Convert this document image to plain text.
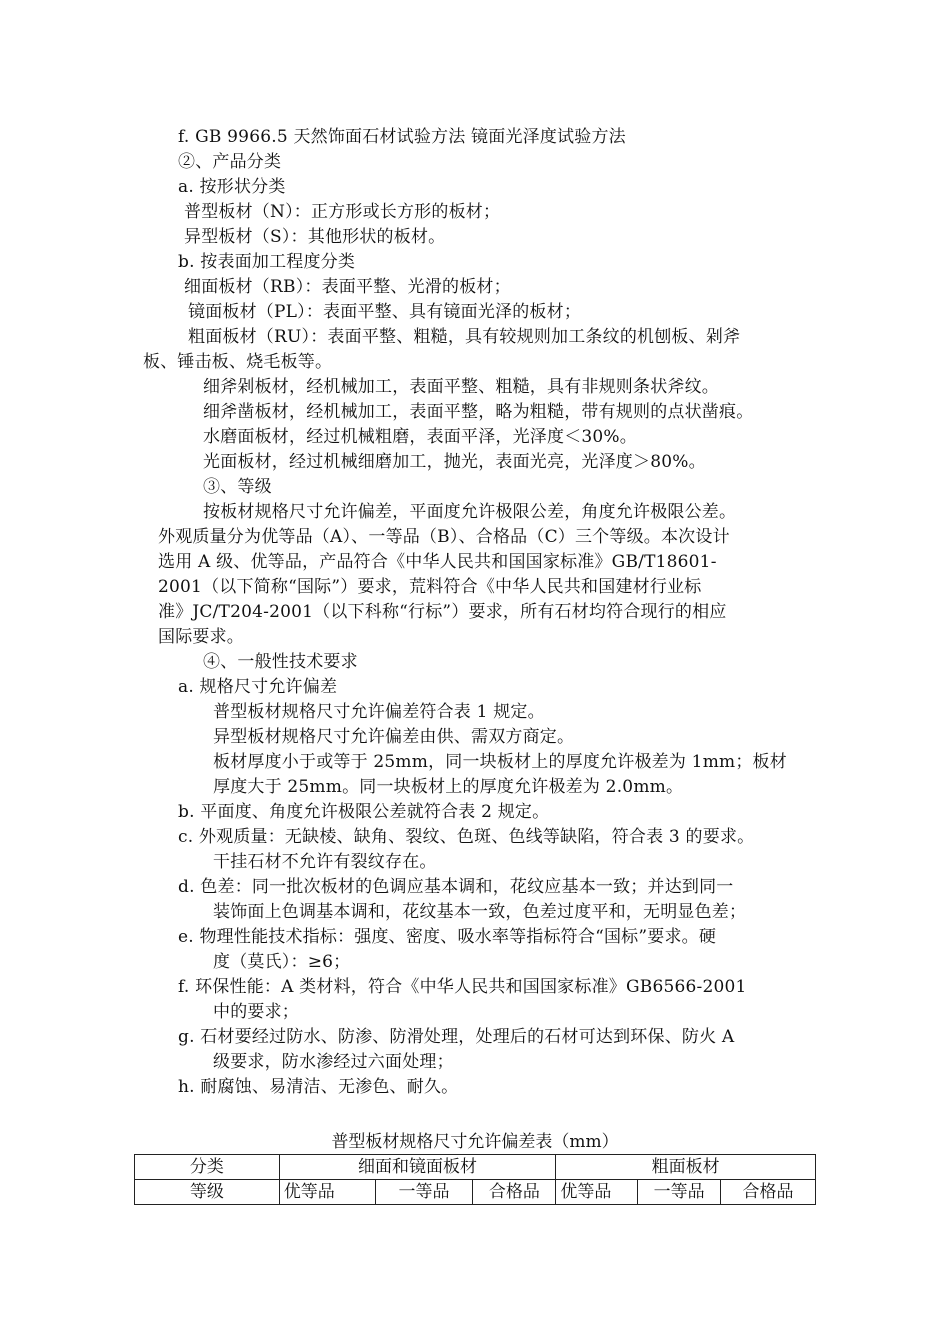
f. GB 9966.5 天然饰面石材试验方法 镜面光泽度试验方法
②、产品分类
a. 按形状分类
普型板材（N）：正方形或长方形的板材；
异型板材（S）：其他形状的板材。
b. 按表面加工程度分类
细面板材（RB）：表面平整、光滑的板材；
镜面板材（PL）：表面平整、具有镜面光泽的板材；
粗面板材（RU）：表面平整、粗糙，具有较规则加工条纹的机刨板、剁斧
板、锤击板、烧毛板等。
细斧剁板材，经机械加工，表面平整、粗糙，具有非规则条状斧纹。
细斧凿板材，经机械加工，表面平整，略为粗糙，带有规则的点状凿痕。
水磨面板材，经过机械粗磨，表面平泽，光泽度＜30%。
光面板材，经过机械细磨加工，抛光，表面光亮，光泽度＞80%。
③、等级
按板材规格尺寸允许偏差，平面度允许极限公差，角度允许极限公差。
外观质量分为优等品（A）、一等品（B）、合格品（C）三个等级。本次设计
选用 A 级、优等品，产品符合《中华人民共和国国家标准》GB/T18601-
2001（以下简称“国际”）要求，荒料符合《中华人民共和国建材行业标
准》JC/T204-2001（以下科称“行标”）要求，所有石材均符合现行的相应
国际要求。
④、一般性技术要求
a. 规格尺寸允许偏差
普型板材规格尺寸允许偏差符合表 1 规定。
异型板材规格尺寸允许偏差由供、需双方商定。
板材厚度小于或等于 25mm，同一块板材上的厚度允许极差为 1mm；板材
厚度大于 25mm。同一块板材上的厚度允许极差为 2.0mm。
b. 平面度、角度允许极限公差就符合表 2 规定。
c. 外观质量：无缺棱、缺角、裂纹、色斑、色线等缺陷，符合表 3 的要求。
干挂石材不允许有裂纹存在。
d. 色差：同一批次板材的色调应基本调和，花纹应基本一致；并达到同一
装饰面上色调基本调和，花纹基本一致，色差过度平和，无明显色差；
e. 物理性能技术指标：强度、密度、吸水率等指标符合“国标”要求。硬
度（莫氏）：≥6；
f. 环保性能：A 类材料，符合《中华人民共和国国家标准》GB6566-2001
中的要求；
g. 石材要经过防水、防渗、防滑处理，处理后的石材可达到环保、防火 A
级要求，防水渗经过六面处理；
h. 耐腐蚀、易清洁、无渗色、耐久。
普型板材规格尺寸允许偏差表（mm）
分类	细面和镜面板材			粗面板材		
等级	优等品	一等品	合格品	优等品	一等品	合格品
